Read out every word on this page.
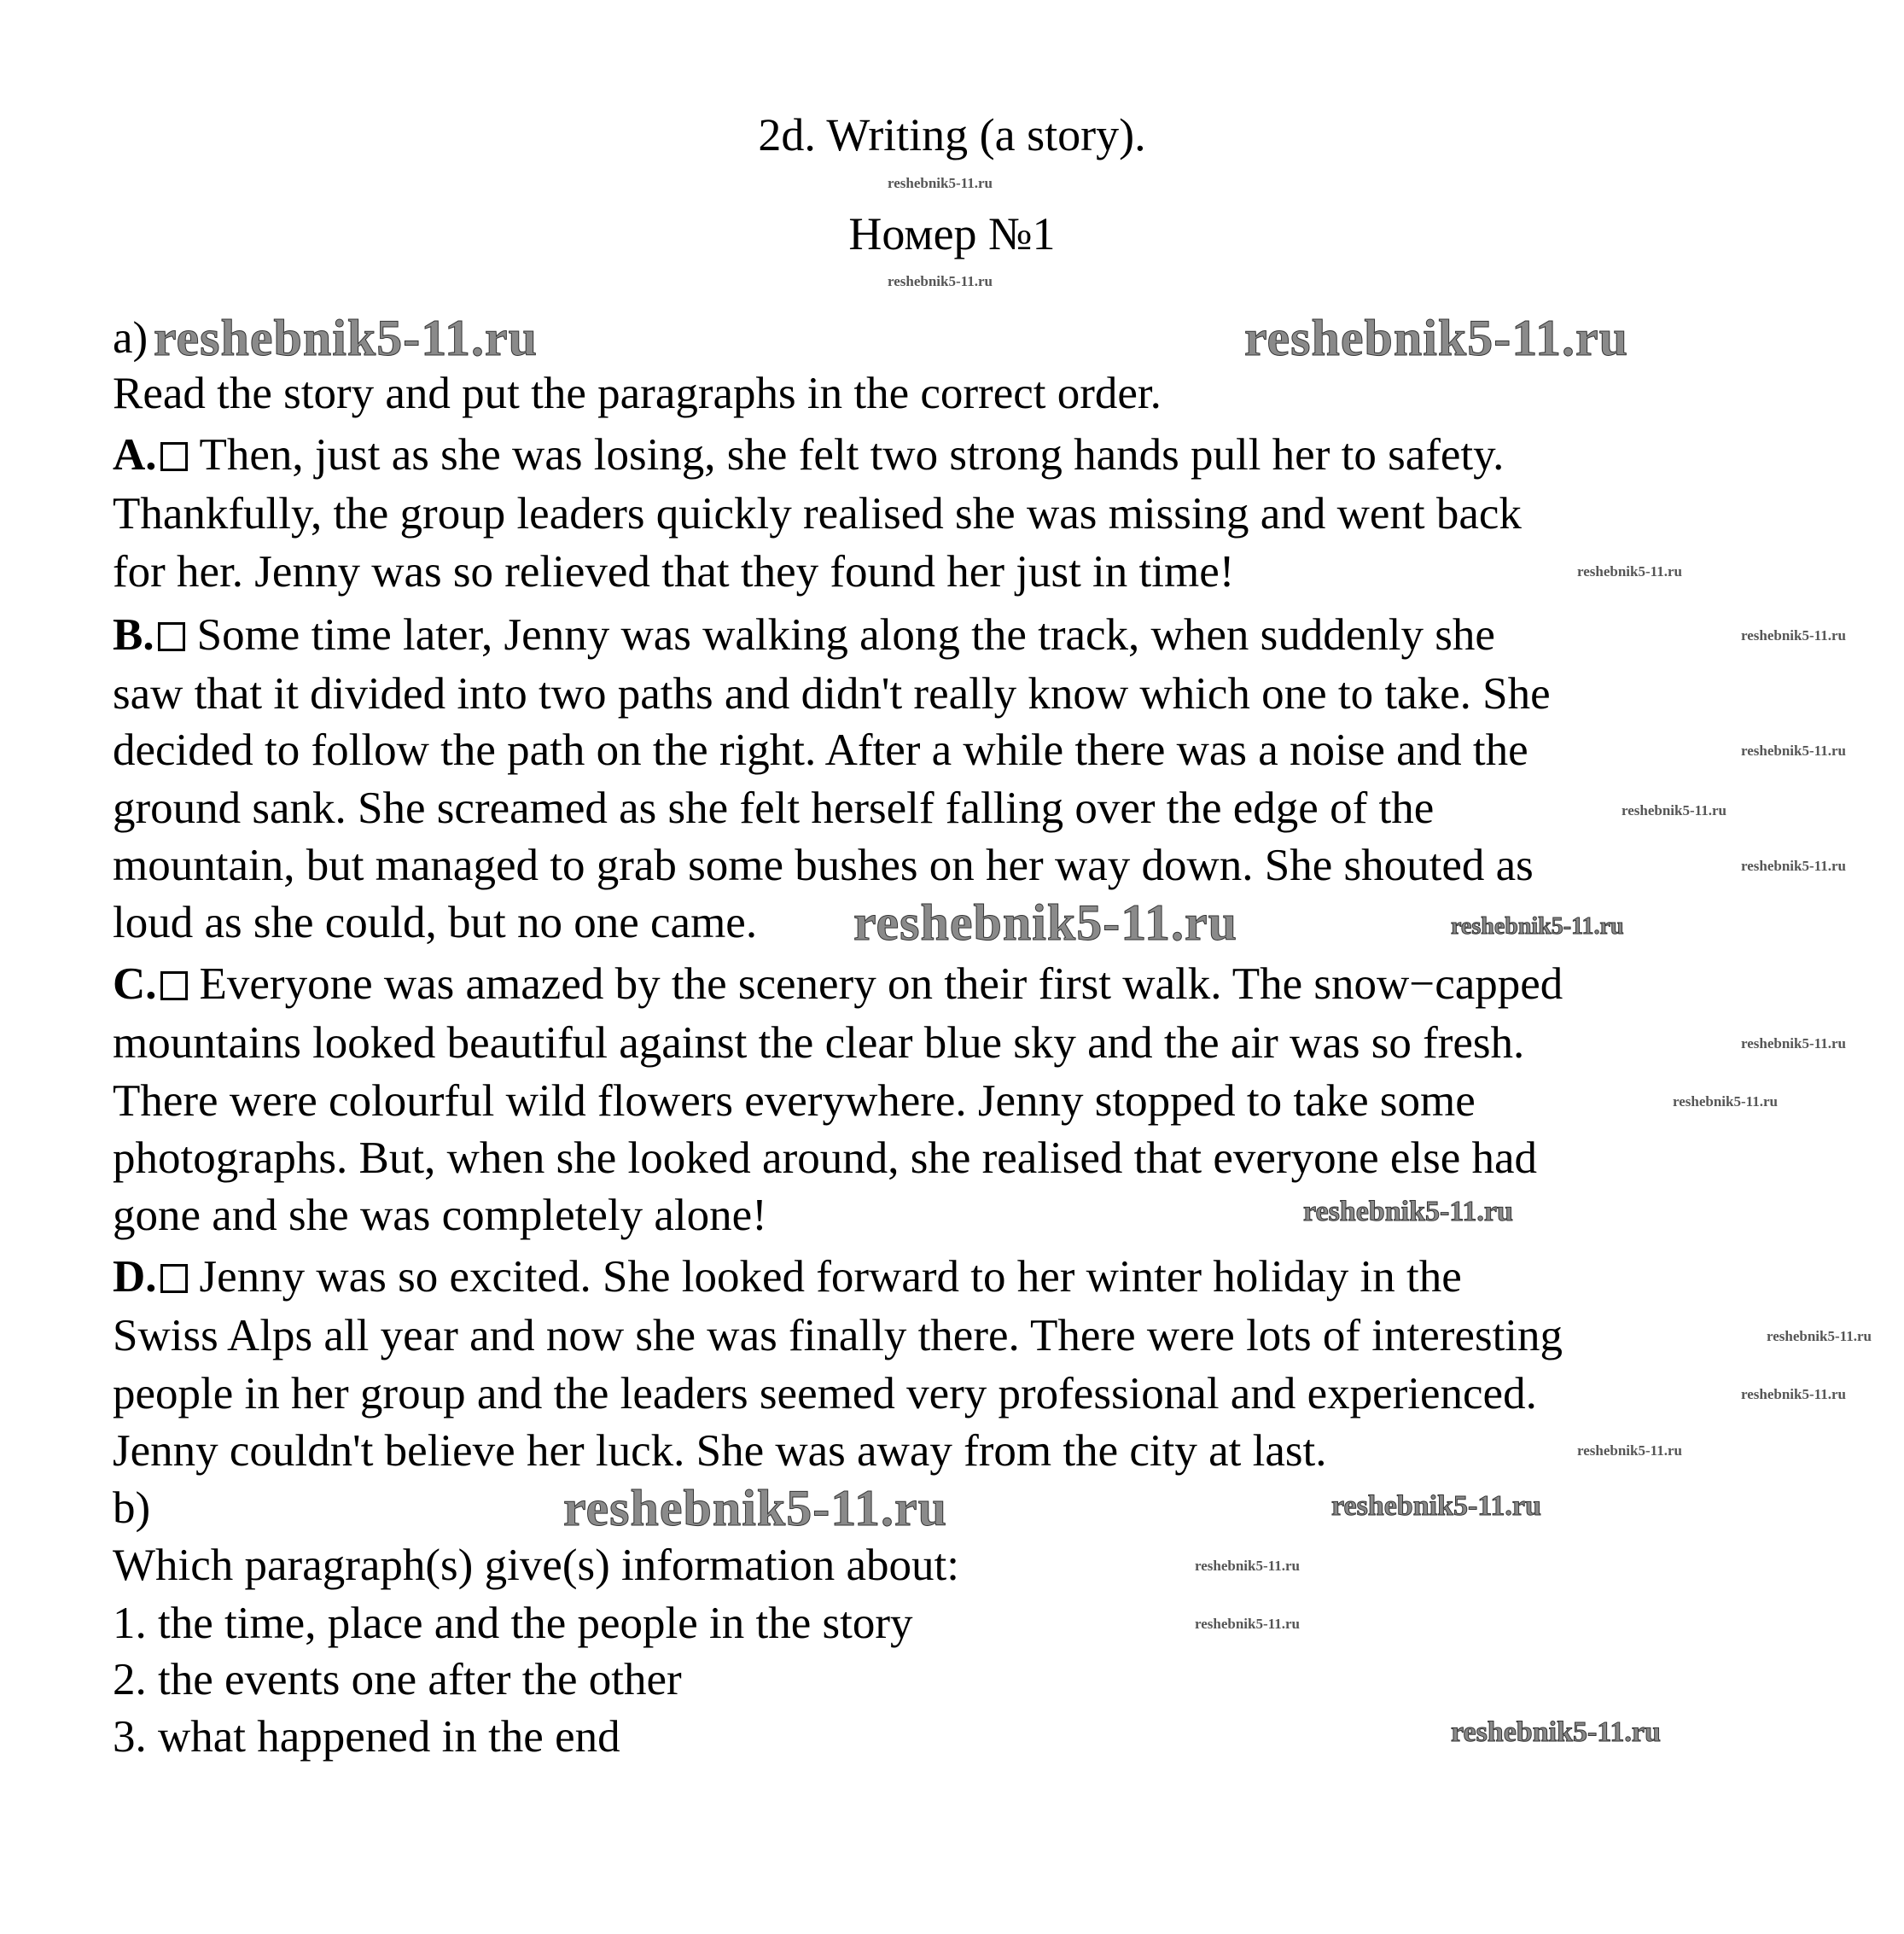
2d. Writing (a story).
Номер №1
a)
Read the story and put the paragraphs in the correct order.
A. Then, just as she was losing, she felt two strong hands pull her to safety.
Thankfully, the group leaders quickly realised she was missing and went back
for her. Jenny was so relieved that they found her just in time!
B. Some time later, Jenny was walking along the track, when suddenly she
saw that it divided into two paths and didn't really know which one to take. She
decided to follow the path on the right. After a while there was a noise and the
ground sank. She screamed as she felt herself falling over the edge of the
mountain, but managed to grab some bushes on her way down. She shouted as
loud as she could, but no one came.
C. Everyone was amazed by the scenery on their first walk. The snow−capped
mountains looked beautiful against the clear blue sky and the air was so fresh.
There were colourful wild flowers everywhere. Jenny stopped to take some
photographs. But, when she looked around, she realised that everyone else had
gone and she was completely alone!
D. Jenny was so excited. She looked forward to her winter holiday in the
Swiss Alps all year and now she was finally there. There were lots of interesting
people in her group and the leaders seemed very professional and experienced.
Jenny couldn't believe her luck. She was away from the city at last.
b)
Which paragraph(s) give(s) information about:
1. the time, place and the people in the story
2. the events one after the other
3. what happened in the end
reshebnik5-11.ru	reshebnik5-11.ru
reshebnik5-11.ru
reshebnik5-11.ru	reshebnik5-11.ru
reshebnik5-11.ru
reshebnik5-11.ru
reshebnik5-11.ru
reshebnik5-11.ru
reshebnik5-11.ru
reshebnik5-11.ru
reshebnik5-11.ru
reshebnik5-11.ru
reshebnik5-11.ru
reshebnik5-11.ru
reshebnik5-11.ru
reshebnik5-11.ru
reshebnik5-11.ru
reshebnik5-11.ru
reshebnik5-11.ru
reshebnik5-11.ru
reshebnik5-11.ru
